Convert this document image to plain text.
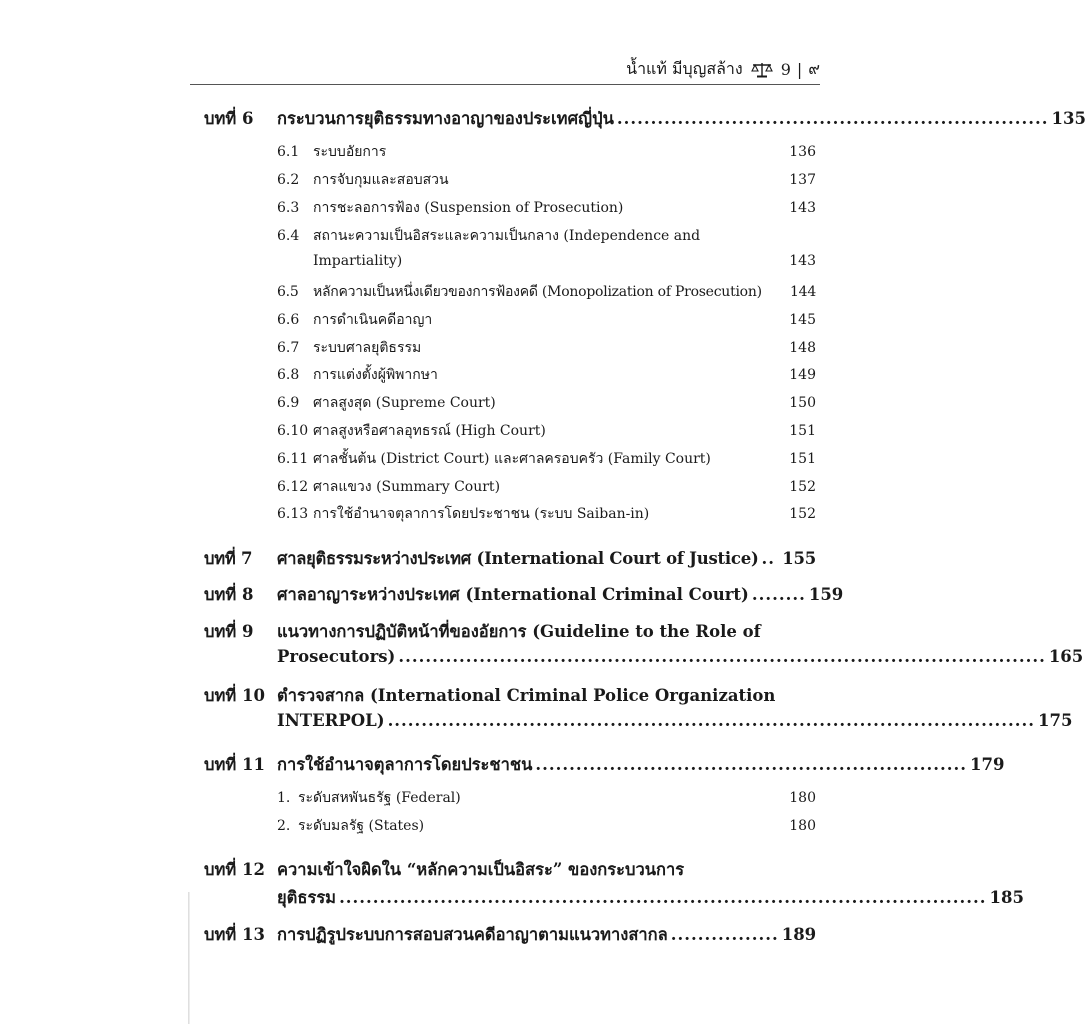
น้ำแท้ มีบุญสล้าง 9 | ๙
บทที่ 6	กระบวนการยุติธรรมทางอาญาของประเทศญี่ปุ่น ................................................................ 135
6.1 ระบบอัยการ	136
6.2 การจับกุมและสอบสวน	137
6.3 การชะลอการฟ้อง (Suspension of Prosecution)	143
6.4 สถานะความเป็นอิสระและความเป็นกลาง (Independence and
Impartiality)	143
6.5	หลักความเป็นหนึ่งเดียวของการฟ้องคดี (Monopolization of Prosecution)	144
6.6 การดำเนินคดีอาญา	145
6.7 ระบบศาลยุติธรรม	148
6.8 การแต่งตั้งผู้พิพากษา	149
6.9 ศาลสูงสุด (Supreme Court)	150
6.10 ศาลสูงหรือศาลอุทธรณ์ (High Court)	151
6.11 ศาลชั้นต้น (District Court) และศาลครอบครัว (Family Court)	151
6.12 ศาลแขวง (Summary Court)	152
6.13 การใช้อำนาจตุลาการโดยประชาชน (ระบบ Saiban-in)	152
บทที่ 7	ศาลยุติธรรมระหว่างประเทศ (International Court of Justice) .. 155
บทที่ 8	ศาลอาญาระหว่างประเทศ (International Criminal Court) ........ 159
บทที่ 9	แนวทางการปฏิบัติหน้าที่ของอัยการ (Guideline to the Role of
Prosecutors) ................................................................................................ 165
บทที่ 10 ตำรวจสากล (International Criminal Police Organization
INTERPOL) ................................................................................................ 175
บทที่ 11 การใช้อำนาจตุลาการโดยประชาชน ................................................................ 179
1. ระดับสหพันธรัฐ (Federal)	180
2. ระดับมลรัฐ (States)	180
บทที่ 12 ความเข้าใจผิดใน “หลักความเป็นอิสระ” ของกระบวนการ
ยุติธรรม ................................................................................................ 185
บทที่ 13 การปฏิรูประบบการสอบสวนคดีอาญาตามแนวทางสากล ................ 189
